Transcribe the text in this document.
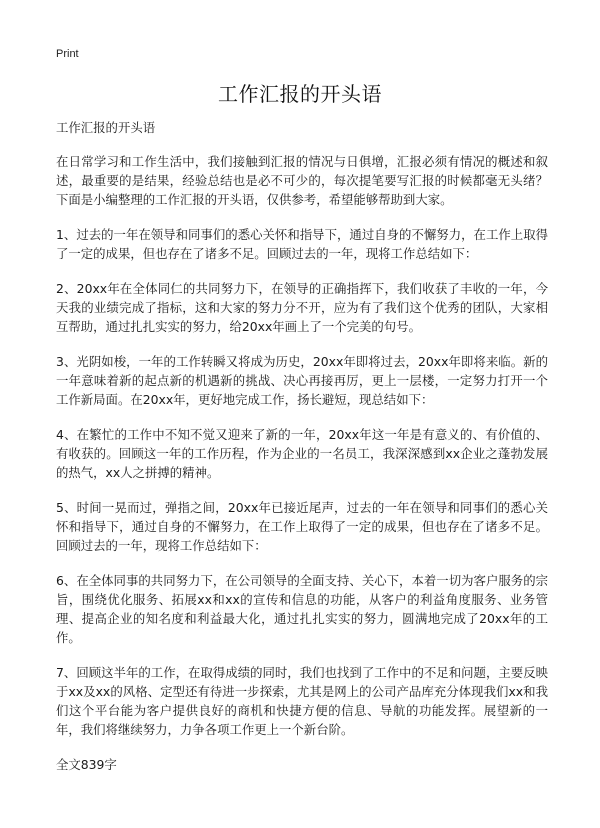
Print
工作汇报的开头语

工作汇报的开头语

在日常学习和工作生活中，我们接触到汇报的情况与日俱增，汇报必须有情况的概述和叙述，最重要的是结果，经验总结也是必不可少的，每次提笔要写汇报的时候都毫无头绪？下面是小编整理的工作汇报的开头语，仅供参考，希望能够帮助到大家。

1、过去的一年在领导和同事们的悉心关怀和指导下，通过自身的不懈努力，在工作上取得了一定的成果，但也存在了诸多不足。回顾过去的一年，现将工作总结如下：

2、20xx年在全体同仁的共同努力下，在领导的正确指挥下，我们收获了丰收的一年，今天我的业绩完成了指标，这和大家的努力分不开，应为有了我们这个优秀的团队，大家相互帮助，通过扎扎实实的努力，给20xx年画上了一个完美的句号。

3、光阴如梭，一年的工作转瞬又将成为历史，20xx年即将过去，20xx年即将来临。新的一年意味着新的起点新的机遇新的挑战、决心再接再厉，更上一层楼，一定努力打开一个工作新局面。在20xx年，更好地完成工作，扬长避短，现总结如下：

4、在繁忙的工作中不知不觉又迎来了新的一年，20xx年这一年是有意义的、有价值的、有收获的。回顾这一年的工作历程，作为企业的一名员工，我深深感到xx企业之蓬勃发展的热气，xx人之拼搏的精神。

5、时间一晃而过，弹指之间，20xx年已接近尾声，过去的一年在领导和同事们的悉心关怀和指导下，通过自身的不懈努力，在工作上取得了一定的成果，但也存在了诸多不足。回顾过去的一年，现将工作总结如下：

6、在全体同事的共同努力下，在公司领导的全面支持、关心下，本着一切为客户服务的宗旨，围绕优化服务、拓展xx和xx的宣传和信息的功能，从客户的利益角度服务、业务管理、提高企业的知名度和利益最大化，通过扎扎实实的努力，圆满地完成了20xx年的工作。

7、回顾这半年的工作，在取得成绩的同时，我们也找到了工作中的不足和问题，主要反映于xx及xx的风格、定型还有待进一步探索，尤其是网上的公司产品库充分体现我们xx和我们这个平台能为客户提供良好的商机和快捷方便的信息、导航的功能发挥。展望新的一年，我们将继续努力，力争各项工作更上一个新台阶。

全文839字
